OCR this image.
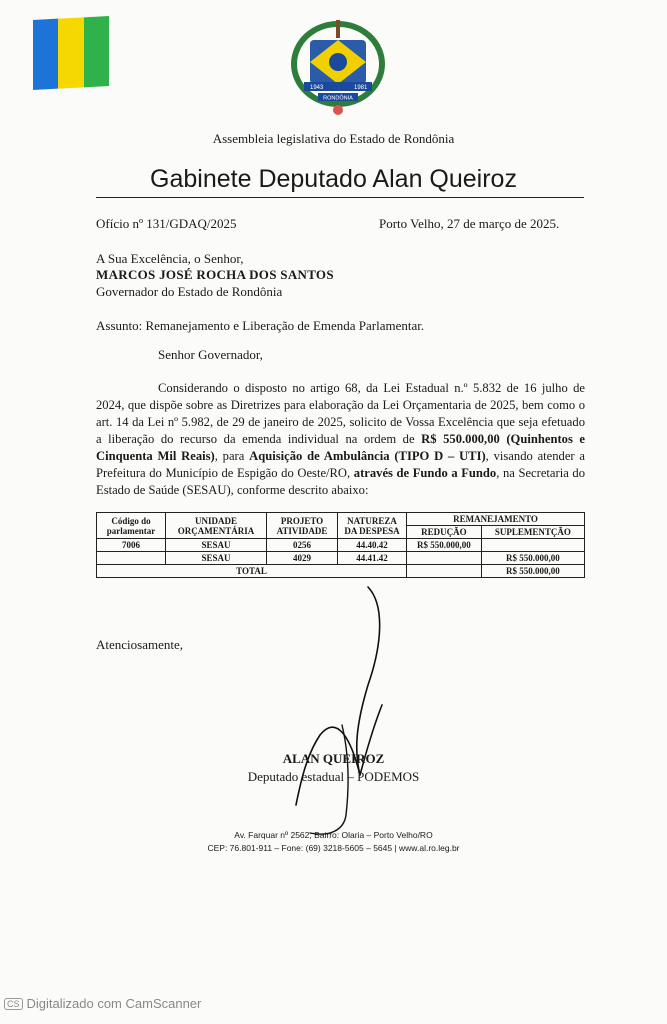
1943	1981
RONDÔNIA
Assembleia legislativa do Estado de Rondônia
Gabinete Deputado Alan Queiroz
Ofício nº 131/GDAQ/2025	Porto Velho, 27 de março de 2025.
A Sua Excelência, o Senhor,
MARCOS JOSÉ ROCHA DOS SANTOS
Governador do Estado de Rondônia
Assunto: Remanejamento e Liberação de Emenda Parlamentar.
Senhor Governador,
Considerando o disposto no artigo 68, da Lei Estadual n.º 5.832 de 16 julho de 2024, que dispõe sobre as Diretrizes para elaboração da Lei Orçamentaria de 2025, bem como o art. 14 da Lei nº 5.982, de 29 de janeiro de 2025, solicito de Vossa Excelência que seja efetuado a liberação do recurso da emenda individual na ordem de R$ 550.000,00 (Quinhentos e Cinquenta Mil Reais), para Aquisição de Ambulância (TIPO D – UTI), visando atender a Prefeitura do Município de Espigão do Oeste/RO, através de Fundo a Fundo, na Secretaria do Estado de Saúde (SESAU), conforme descrito abaixo:
Código do parlamentar	UNIDADE ORÇAMENTÁRIA	PROJETO ATIVIDADE	NATUREZA DA DESPESA	REMANEJAMENTO	
				REDUÇÃO	SUPLEMENTÇÃO
7006	SESAU	0256	44.40.42	R$ 550.000,00	
	SESAU	4029	44.41.42		R$ 550.000,00
TOTAL					R$ 550.000,00
Atenciosamente,
ALAN QUEIROZ
Deputado estadual – PODEMOS
Av. Farquar nº 2562, Bairro: Olaria – Porto Velho/RO
CEP: 76.801-911 – Fone: (69) 3218-5605 – 5645 | www.al.ro.leg.br
CS Digitalizado com CamScanner
